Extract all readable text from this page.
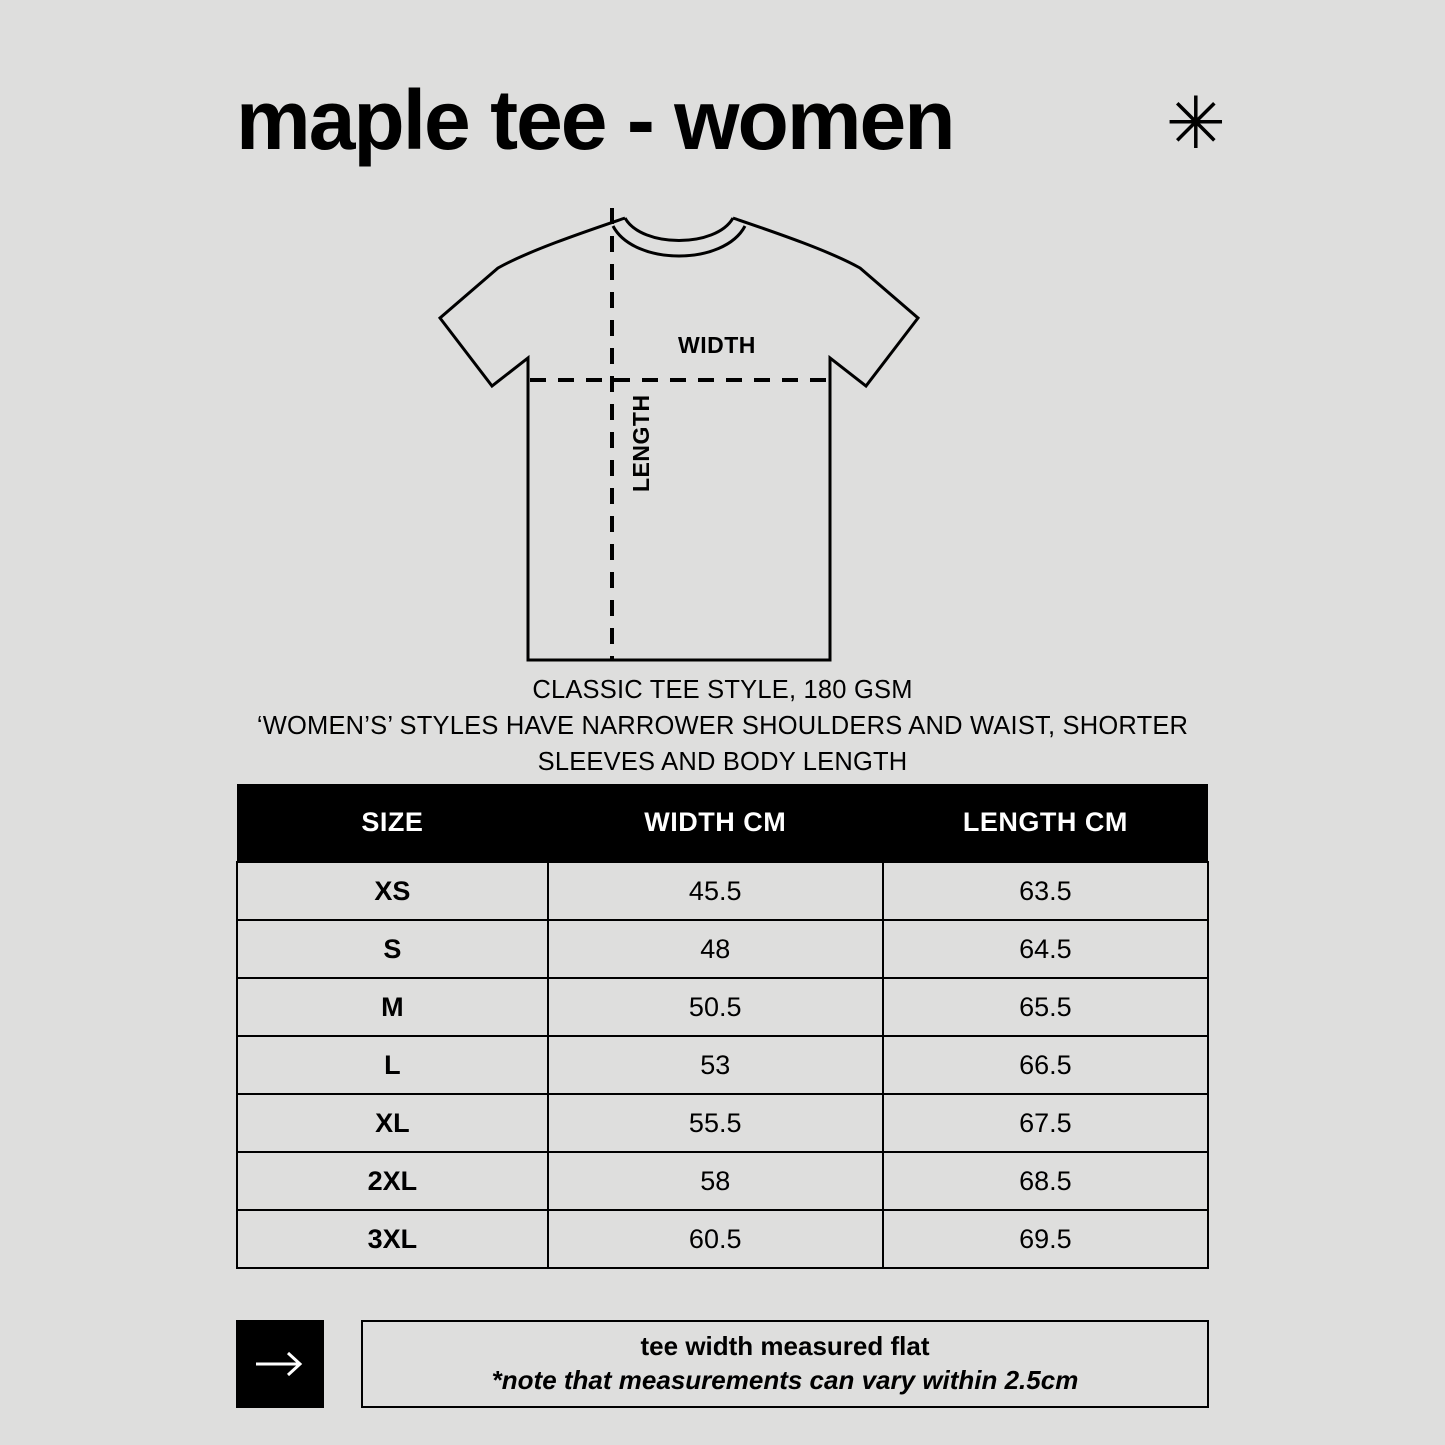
maple tee - women	✳
WIDTH
LENGTH
CLASSIC TEE STYLE, 180 GSM
‘WOMEN’S’ STYLES HAVE NARROWER SHOULDERS AND WAIST, SHORTER
SLEEVES AND BODY LENGTH
SIZE	WIDTH CM	LENGTH CM
XS	45.5	63.5
S	48	64.5
M	50.5	65.5
L	53	66.5
XL	55.5	67.5
2XL	58	68.5
3XL	60.5	69.5
tee width measured flat
*note that measurements can vary within 2.5cm
